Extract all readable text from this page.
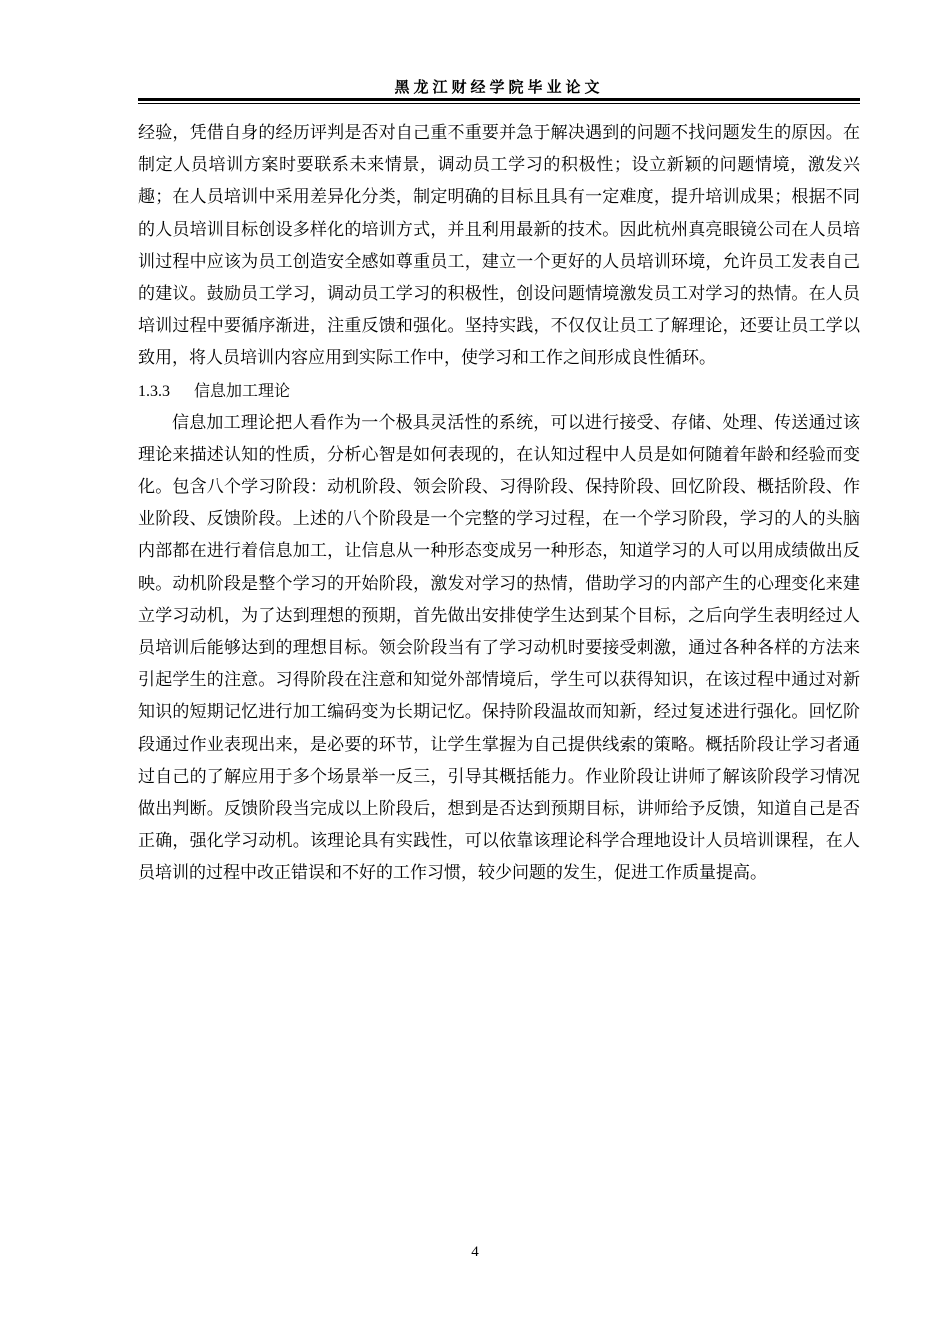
黑龙江财经学院毕业论文

经验，凭借自身的经历评判是否对自己重不重要并急于解决遇到的问题不找问题发生的原因。在制定人员培训方案时要联系未来情景，调动员工学习的积极性；设立新颖的问题情境，激发兴趣；在人员培训中采用差异化分类，制定明确的目标且具有一定难度，提升培训成果；根据不同的人员培训目标创设多样化的培训方式，并且利用最新的技术。因此杭州真亮眼镜公司在人员培训过程中应该为员工创造安全感如尊重员工，建立一个更好的人员培训环境，允许员工发表自己的建议。鼓励员工学习，调动员工学习的积极性，创设问题情境激发员工对学习的热情。在人员培训过程中要循序渐进，注重反馈和强化。坚持实践，不仅仅让员工了解理论，还要让员工学以致用，将人员培训内容应用到实际工作中，使学习和工作之间形成良性循环。

1.3.3 信息加工理论

信息加工理论把人看作为一个极具灵活性的系统，可以进行接受、存储、处理、传送通过该理论来描述认知的性质，分析心智是如何表现的，在认知过程中人员是如何随着年龄和经验而变化。包含八个学习阶段：动机阶段、领会阶段、习得阶段、保持阶段、回忆阶段、概括阶段、作业阶段、反馈阶段。上述的八个阶段是一个完整的学习过程，在一个学习阶段，学习的人的头脑内部都在进行着信息加工，让信息从一种形态变成另一种形态，知道学习的人可以用成绩做出反映。动机阶段是整个学习的开始阶段，激发对学习的热情，借助学习的内部产生的心理变化来建立学习动机，为了达到理想的预期，首先做出安排使学生达到某个目标，之后向学生表明经过人员培训后能够达到的理想目标。领会阶段当有了学习动机时要接受刺激，通过各种各样的方法来引起学生的注意。习得阶段在注意和知觉外部情境后，学生可以获得知识，在该过程中通过对新知识的短期记忆进行加工编码变为长期记忆。保持阶段温故而知新，经过复述进行强化。回忆阶段通过作业表现出来，是必要的环节，让学生掌握为自己提供线索的策略。概括阶段让学习者通过自己的了解应用于多个场景举一反三，引导其概括能力。作业阶段让讲师了解该阶段学习情况做出判断。反馈阶段当完成以上阶段后，想到是否达到预期目标，讲师给予反馈，知道自己是否正确，强化学习动机。该理论具有实践性，可以依靠该理论科学合理地设计人员培训课程，在人员培训的过程中改正错误和不好的工作习惯，较少问题的发生，促进工作质量提高。

4
